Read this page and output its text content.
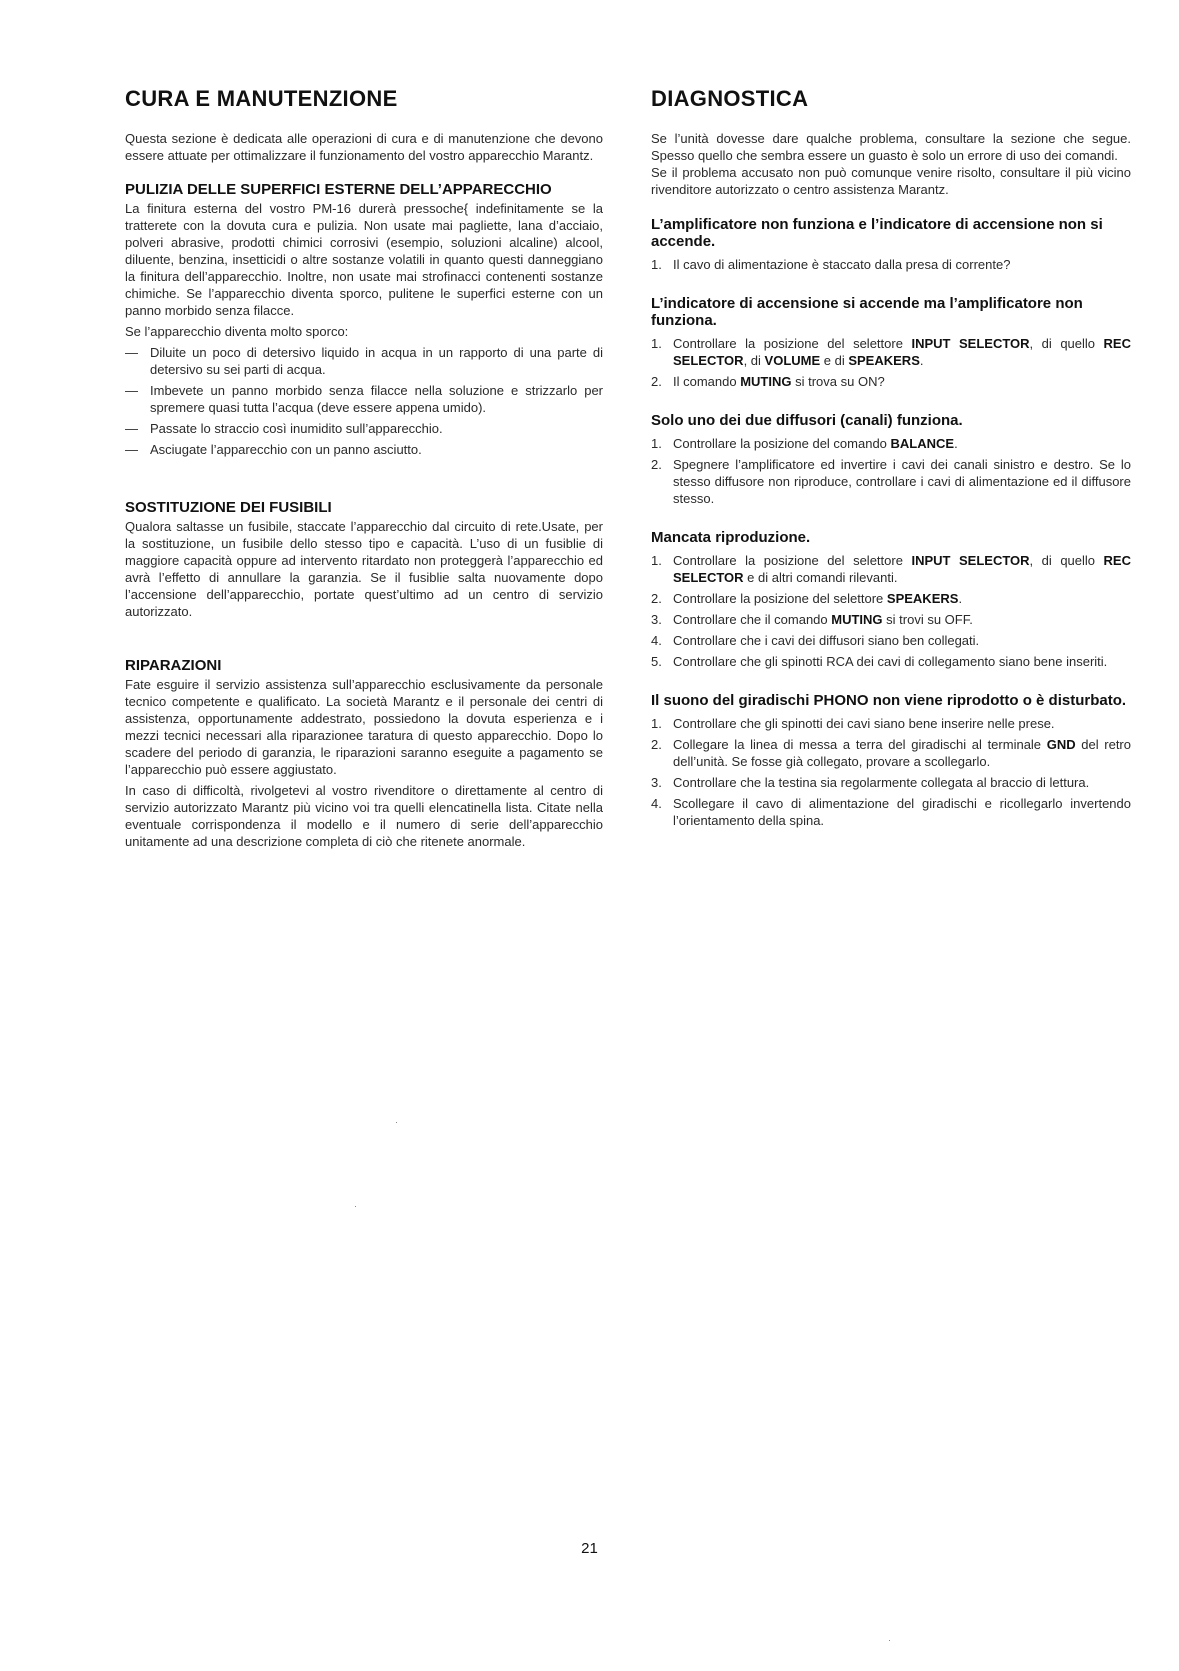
CURA E MANUTENZIONE

Questa sezione è dedicata alle operazioni di cura e di manutenzione che devono essere attuate per ottimalizzare il funzionamento del vostro apparecchio Marantz.

PULIZIA DELLE SUPERFICI ESTERNE DELL’APPARECCHIO

La finitura esterna del vostro PM-16 durerà pressoche{ indefinitamente se la tratterete con la dovuta cura e pulizia. Non usate mai pagliette, lana d’acciaio, polveri abrasive, prodotti chimici corrosivi (esempio, soluzioni alcaline) alcool, diluente, benzina, insetticidi o altre sostanze volatili in quanto questi danneggiano la finitura dell’apparecchio. Inoltre, non usate mai strofinacci contenenti sostanze chimiche. Se l’apparecchio diventa sporco, pulitene le superfici esterne con un panno morbido senza filacce.

Se l’apparecchio diventa molto sporco:

— Diluite un poco di detersivo liquido in acqua in un rapporto di una parte di detersivo su sei parti di acqua.
— Imbevete un panno morbido senza filacce nella soluzione e strizzarlo per spremere quasi tutta l’acqua (deve essere appena umido).
— Passate lo straccio così inumidito sull’apparecchio.
— Asciugate l’apparecchio con un panno asciutto.
SOSTITUZIONE DEI FUSIBILI

Qualora saltasse un fusibile, staccate l’apparecchio dal circuito di rete.Usate, per la sostituzione, un fusibile dello stesso tipo e capacità. L’uso di un fusiblie di maggiore capacità oppure ad intervento ritardato non proteggerà l’apparecchio ed avrà l’effetto di annullare la garanzia. Se il fusiblie salta nuovamente dopo l’accensione dell’apparecchio, portate quest’ultimo ad un centro di servizio autorizzato.

RIPARAZIONI

Fate esguire il servizio assistenza sull’apparecchio esclusivamente da personale tecnico competente e qualificato. La società Marantz e il personale dei centri di assistenza, opportunamente addestrato, possiedono la dovuta esperienza e i mezzi tecnici necessari alla riparazionee taratura di questo apparecchio. Dopo lo scadere del periodo di garanzia, le riparazioni saranno eseguite a pagamento se l’apparecchio può essere aggiustato.

In caso di difficoltà, rivolgetevi al vostro rivenditore o direttamente al centro di servizio autorizzato Marantz più vicino voi tra quelli elencatinella lista. Citate nella eventuale corrispondenza il modello e il numero di serie dell’apparecchio unitamente ad una descrizione completa di ciò che ritenete anormale.

DIAGNOSTICA

Se l’unità dovesse dare qualche problema, consultare la sezione che segue. Spesso quello che sembra essere un guasto è solo un errore di uso dei comandi.

Se il problema accusato non può comunque venire risolto, consultare il più vicino rivenditore autorizzato o centro assistenza Marantz.

L’amplificatore non funziona e l’indicatore di accensione non si accende.
1. Il cavo di alimentazione è staccato dalla presa di corrente?
L’indicatore di accensione si accende ma l’amplificatore non funziona.
1. Controllare la posizione del selettore INPUT SELECTOR, di quello REC SELECTOR, di VOLUME e di SPEAKERS.
2. Il comando MUTING si trova su ON?
Solo uno dei due diffusori (canali) funziona.
1. Controllare la posizione del comando BALANCE.
2. Spegnere l’amplificatore ed invertire i cavi dei canali sinistro e destro. Se lo stesso diffusore non riproduce, controllare i cavi di alimentazione ed il diffusore stesso.
Mancata riproduzione.
1. Controllare la posizione del selettore INPUT SELECTOR, di quello REC SELECTOR e di altri comandi rilevanti.
2. Controllare la posizione del selettore SPEAKERS.
3. Controllare che il comando MUTING si trovi su OFF.
4. Controllare che i cavi dei diffusori siano ben collegati.
5. Controllare che gli spinotti RCA dei cavi di collegamento siano bene inseriti.
Il suono del giradischi PHONO non viene riprodotto o è disturbato.
1. Controllare che gli spinotti dei cavi siano bene inserire nelle prese.
2. Collegare la linea di messa a terra del giradischi al terminale GND del retro dell’unità. Se fosse già collegato, provare a scollegarlo.
3. Controllare che la testina sia regolarmente collegata al braccio di lettura.
4. Scollegare il cavo di alimentazione del giradischi e ricollegarlo invertendo l’orientamento della spina.
21
